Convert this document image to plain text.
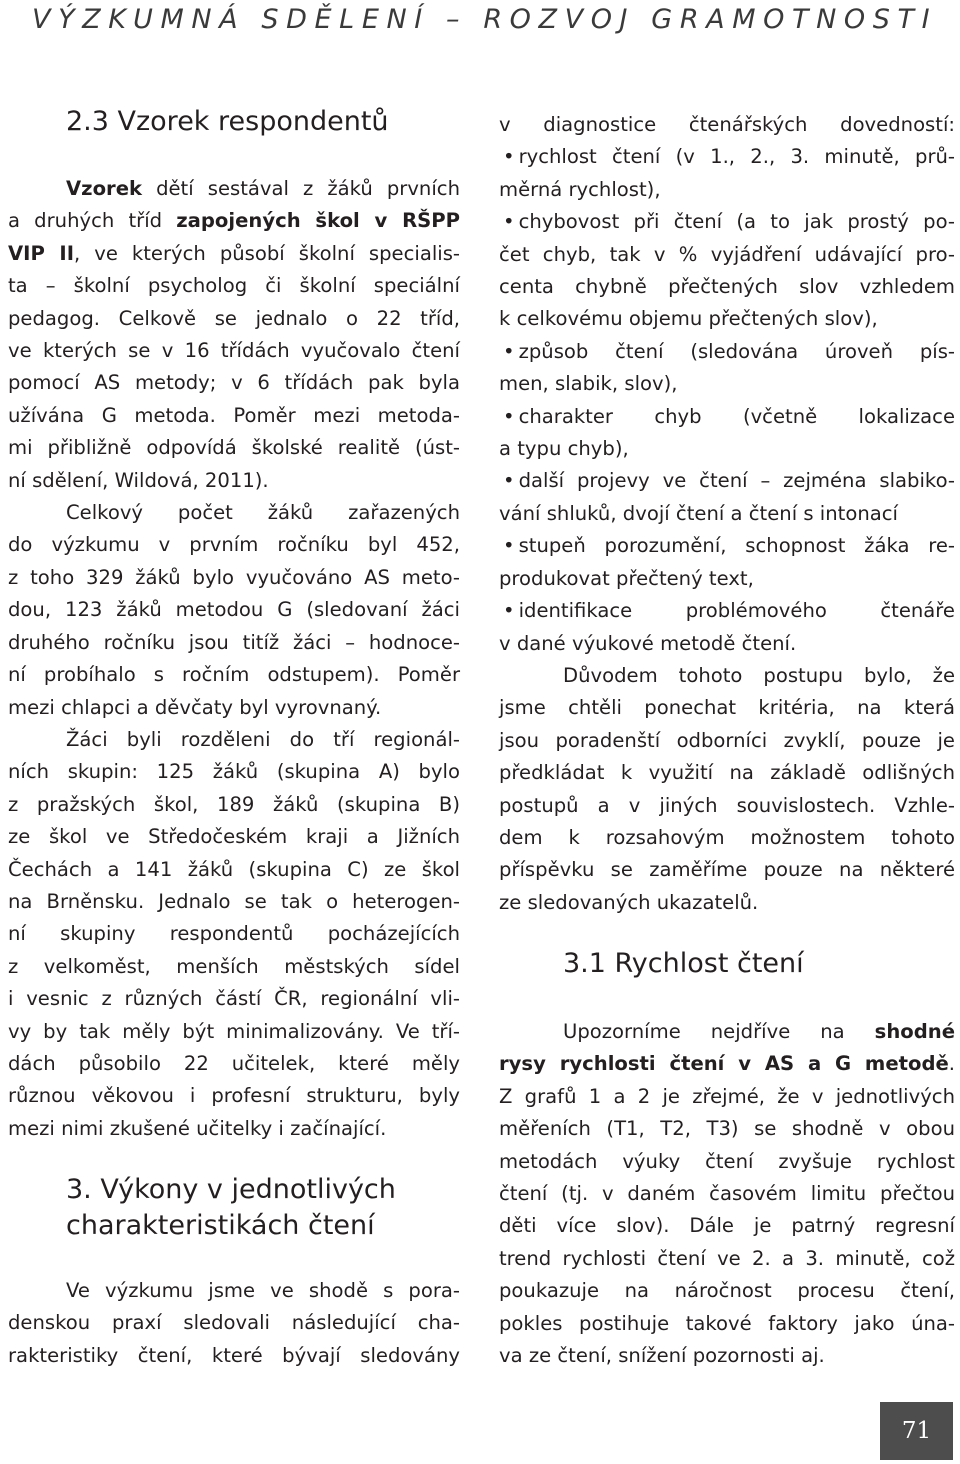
VÝZKUMNÁ SDĚLENÍ – ROZVOJ GRAMOTNOSTI
2.3 Vzorek respondentů

Vzorek dětí sestával z žáků prvních

a druhých tříd zapojených škol v RŠPP

VIP II, ve kterých působí školní specialis-

ta – školní psycholog či školní speciální

pedagog. Celkově se jednalo o 22 tříd,

ve kterých se v 16 třídách vyučovalo čtení

pomocí AS metody; v 6 třídách pak byla

užívána G metoda. Poměr mezi metoda-

mi přibližně odpovídá školské realitě (úst-

ní sdělení, Wildová, 2011).

Celkový počet žáků zařazených

do výzkumu v prvním ročníku byl 452,

z toho 329 žáků bylo vyučováno AS meto-

dou, 123 žáků metodou G (sledovaní žáci

druhého ročníku jsou titíž žáci – hodnoce-

ní probíhalo s ročním odstupem). Poměr

mezi chlapci a děvčaty byl vyrovnaný.

Žáci byli rozděleni do tří regionál-

ních skupin: 125 žáků (skupina A) bylo

z pražských škol, 189 žáků (skupina B)

ze škol ve Středočeském kraji a Jižních

Čechách a 141 žáků (skupina C) ze škol

na Brněnsku. Jednalo se tak o heterogen-

ní skupiny respondentů pocházejících

z velkoměst, menších městských sídel

i vesnic z různých částí ČR, regionální vli-

vy by tak měly být minimalizovány. Ve tří-

dách působilo 22 učitelek, které měly

různou věkovou i profesní strukturu, byly

mezi nimi zkušené učitelky i začínající.

3. Výkony v jednotlivých
charakteristikách čtení

Ve výzkumu jsme ve shodě s pora-

denskou praxí sledovali následující cha-

rakteristiky čtení, které bývají sledovány

v diagnostice čtenářských dovedností:

• rychlost čtení (v 1., 2., 3. minutě, prů-

měrná rychlost),

• chybovost při čtení (a to jak prostý po-

čet chyb, tak v % vyjádření udávající pro-

centa chybně přečtených slov vzhledem

k celkovému objemu přečtených slov),

• způsob čtení (sledována úroveň pís-

men, slabik, slov),

• charakter chyb (včetně lokalizace

a typu chyb),

• další projevy ve čtení – zejména slabiko-

vání shluků, dvojí čtení a čtení s intonací

• stupeň porozumění, schopnost žáka re-

produkovat přečtený text,

• identifikace problémového čtenáře

v dané výukové metodě čtení.

Důvodem tohoto postupu bylo, že

jsme chtěli ponechat kritéria, na která

jsou poradenští odborníci zvyklí, pouze je

předkládat k využití na základě odlišných

postupů a v jiných souvislostech. Vzhle-

dem k rozsahovým možnostem tohoto

příspěvku se zaměříme pouze na některé

ze sledovaných ukazatelů.

3.1 Rychlost čtení

Upozorníme nejdříve na shodné

rysy rychlosti čtení v AS a G metodě.

Z grafů 1 a 2 je zřejmé, že v jednotlivých

měřeních (T1, T2, T3) se shodně v obou

metodách výuky čtení zvyšuje rychlost

čtení (tj. v daném časovém limitu přečtou

děti více slov). Dále je patrný regresní

trend rychlosti čtení ve 2. a 3. minutě, což

poukazuje na náročnost procesu čtení,

pokles postihuje takové faktory jako úna-

va ze čtení, snížení pozornosti aj.

71
